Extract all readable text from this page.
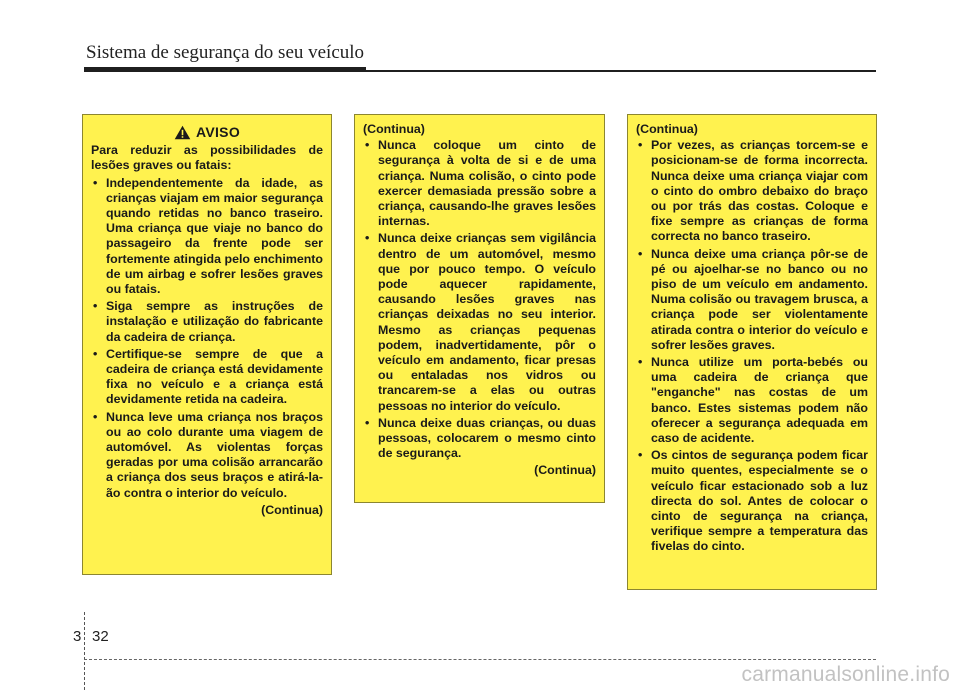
Sistema de segurança do seu veículo
AVISO
Para reduzir as possibilidades de lesões graves ou fatais:
• Independentemente da idade, as crianças viajam em maior segurança quando retidas no banco traseiro. Uma criança que viaje no banco do passageiro da frente pode ser fortemente atingida pelo enchimento de um airbag e sofrer lesões graves ou fatais.
• Siga sempre as instruções de instalação e utilização do fabricante da cadeira de criança.
• Certifique-se sempre de que a cadeira de criança está devidamente fixa no veículo e a criança está devidamente retida na cadeira.
• Nunca leve uma criança nos braços ou ao colo durante uma viagem de automóvel. As violentas forças geradas por uma colisão arrancarão a criança dos seus braços e atirá-la-ão contra o interior do veículo.
(Continua)
(Continua)
• Nunca coloque um cinto de segurança à volta de si e de uma criança. Numa colisão, o cinto pode exercer demasiada pressão sobre a criança, causando-lhe graves lesões internas.
• Nunca deixe crianças sem vigilância dentro de um automóvel, mesmo que por pouco tempo. O veículo pode aquecer rapidamente, causando lesões graves nas crianças deixadas no seu interior. Mesmo as crianças pequenas podem, inadvertidamente, pôr o veículo em andamento, ficar presas ou entaladas nos vidros ou trancarem-se a elas ou outras pessoas no interior do veículo.
• Nunca deixe duas crianças, ou duas pessoas, colocarem o mesmo cinto de segurança.
(Continua)
(Continua)
• Por vezes, as crianças torcem-se e posicionam-se de forma incorrecta. Nunca deixe uma criança viajar com o cinto do ombro debaixo do braço ou por trás das costas. Coloque e fixe sempre as crianças de forma correcta no banco traseiro.
• Nunca deixe uma criança pôr-se de pé ou ajoelhar-se no banco ou no piso de um veículo em andamento. Numa colisão ou travagem brusca, a criança pode ser violentamente atirada contra o interior do veículo e sofrer lesões graves.
• Nunca utilize um porta-bebés ou uma cadeira de criança que "enganche" nas costas de um banco. Estes sistemas podem não oferecer a segurança adequada em caso de acidente.
• Os cintos de segurança podem ficar muito quentes, especialmente se o veículo ficar estacionado sob a luz directa do sol. Antes de colocar o cinto de segurança na criança, verifique sempre a temperatura das fivelas do cinto.
3 32
carmanualsonline.info
